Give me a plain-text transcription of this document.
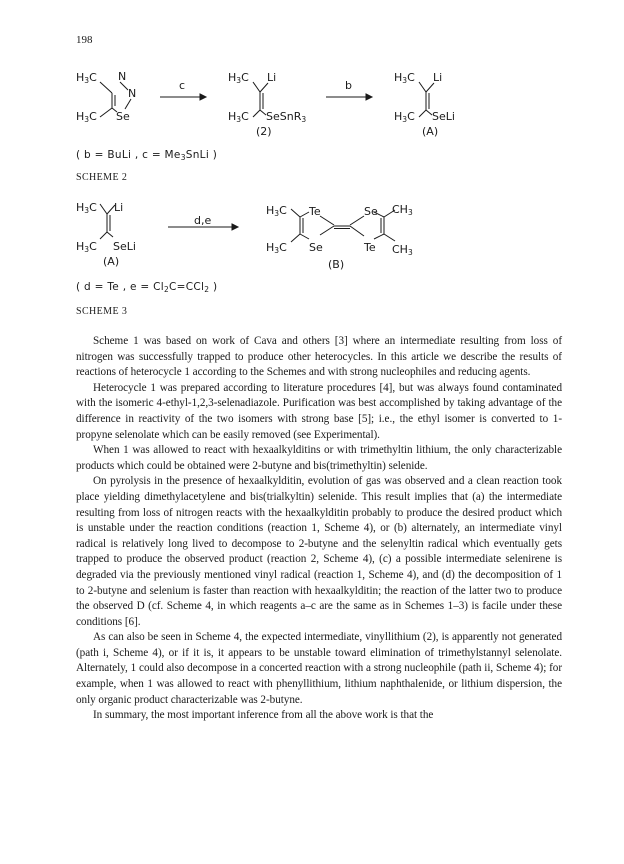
198
$H_3C$ N
N
$H_3C$ Se
c
$H_3C$ Li
$H_3C$ SeSnR$_3$
(2)
b
$H_3C$ Li
$H_3C$ SeLi
(A)
( b = BuLi , $c = Me_3SnLi$ )
SCHEME 2
$H_3C$ Li
$H_3C$ SeLi
(A)
d,e
$H_3C$ Te	Se $CH_3$
$H_3C$ Se	Te $CH_3$
(B)
( d = Te , $e = Cl_2C=CCl_2$ )
SCHEME 3

Scheme 1 was based on work of Cava and others [3] where an intermediate resulting from loss of nitrogen was successfully trapped to produce other heterocycles. In this article we describe the results of reactions of heterocycle 1 according to the Schemes and with strong nucleophiles and reducing agents.

Heterocycle 1 was prepared according to literature procedures [4], but was always found contaminated with the isomeric 4-ethyl-1,2,3-selenadiazole. Purification was best accomplished by taking advantage of the difference in reactivity of the two isomers with strong base [5]; i.e., the ethyl isomer is converted to 1-propyne selenolate which can be easily removed (see Experimental).

When 1 was allowed to react with hexaalkylditins or with trimethyltin lithium, the only characterizable products which could be obtained were 2-butyne and bis(trimethyltin) selenide.

On pyrolysis in the presence of hexaalkylditin, evolution of gas was observed and a clean reaction took place yielding dimethylacetylene and bis(trialkyltin) selenide. This result implies that (a) the intermediate resulting from loss of nitrogen reacts with the hexaalkylditin probably to produce the desired product which is unstable under the reaction conditions (reaction 1, Scheme 4), or (b) alternately, an intermediate vinyl radical is relatively long lived to decompose to 2-butyne and the selenyltin radical which eventually gets trapped to produce the observed product (reaction 2, Scheme 4), (c) a possible intermediate selenirene is degraded via the previously mentioned vinyl radical (reaction 1, Scheme 4), and (d) the decomposition of 1 to 2-butyne and selenium is faster than reaction with hexaalkylditin; the reaction of the latter two to produce the observed D (cf. Scheme 4, in which reagents a–c are the same as in Schemes 1–3) is facile under these conditions [6].

As can also be seen in Scheme 4, the expected intermediate, vinyllithium (2), is apparently not generated (path i, Scheme 4), or if it is, it appears to be unstable toward elimination of trimethylstannyl selenolate. Alternately, 1 could also decompose in a concerted reaction with a strong nucleophile (path ii, Scheme 4); for example, when 1 was allowed to react with phenyllithium, lithium naphthalenide, or lithium dispersion, the only organic product characterizable was 2-butyne.

In summary, the most important inference from all the above work is that the
